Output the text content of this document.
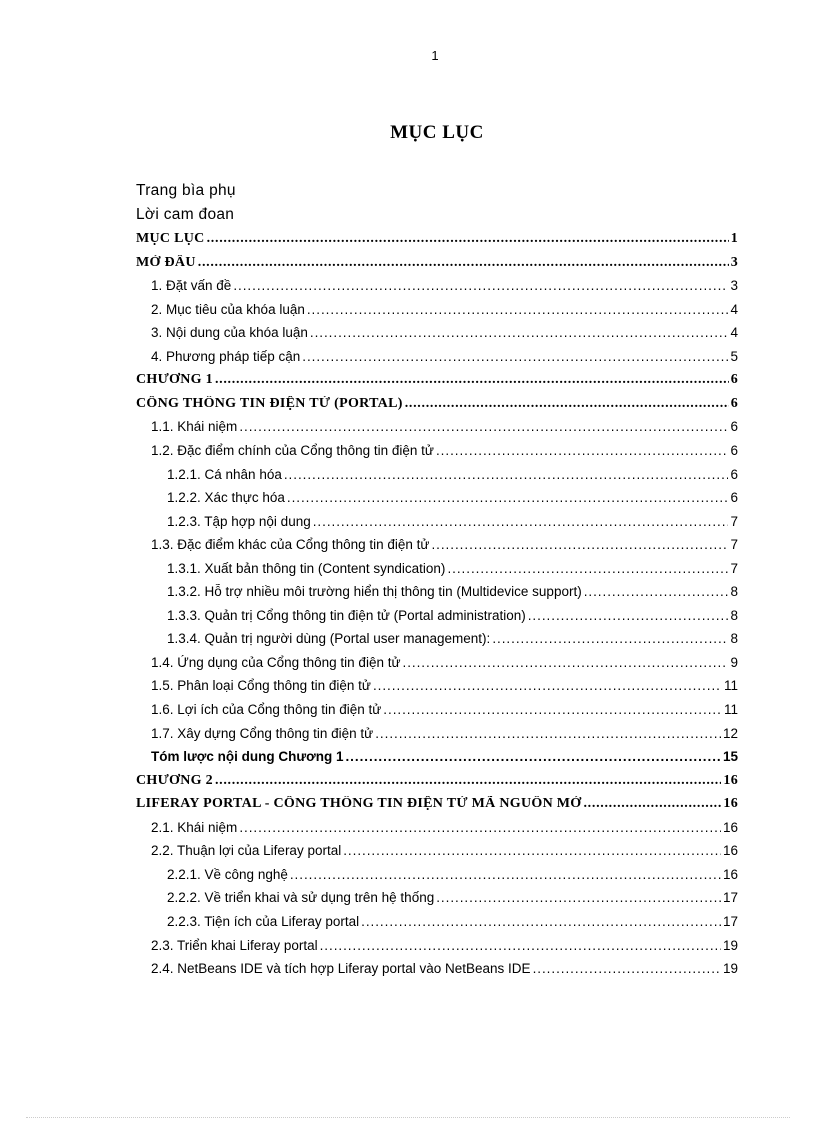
1
MỤC LỤC
Trang bìa phụ
Lời cam đoan
MỤC LỤC . . .	1
MỞ ĐẦU . . .	3
1. Đặt vấn đề . . .	3
2. Mục tiêu của khóa luận . . .	4
3. Nội dung của khóa luận . . .	4
4. Phương pháp tiếp cận . . .	5
CHƯƠNG 1 . . .	6
CỔNG THÔNG TIN ĐIỆN TỬ (PORTAL) . . .	6
1.1. Khái niệm . . .	6
1.2. Đặc điểm chính của Cổng thông tin điện tử . . .	6
1.2.1. Cá nhân hóa . . .	6
1.2.2. Xác thực hóa . . .	6
1.2.3. Tập hợp nội dung . . .	7
1.3. Đặc điểm khác của Cổng thông tin điện tử . . .	7
1.3.1. Xuất bản thông tin (Content syndication) . . .	7
1.3.2. Hỗ trợ nhiều môi trường hiển thị thông tin (Multidevice support) . . .	8
1.3.3. Quản trị Cổng thông tin điện tử (Portal administration) . . .	8
1.3.4. Quản trị người dùng (Portal user management): . . .	8
1.4. Ứng dụng của Cổng thông tin điện tử . . .	9
1.5. Phân loại Cổng thông tin điện tử . . .	11
1.6. Lợi ích của Cổng thông tin điện tử . . .	11
1.7. Xây dựng Cổng thông tin điện tử . . .	12
Tóm lược nội dung Chương 1 . . .	15
CHƯƠNG 2 . . .	16
LIFERAY PORTAL - CỔNG THÔNG TIN ĐIỆN TỬ MÃ NGUỒN MỞ . . .	16
2.1. Khái niệm . . .	16
2.2. Thuận lợi của Liferay portal . . .	16
2.2.1. Về công nghệ . . .	16
2.2.2. Về triển khai và sử dụng trên hệ thống . . .	17
2.2.3. Tiện ích của Liferay portal . . .	17
2.3. Triển khai Liferay portal . . .	19
2.4. NetBeans IDE và tích hợp Liferay portal vào NetBeans IDE . . .	19
